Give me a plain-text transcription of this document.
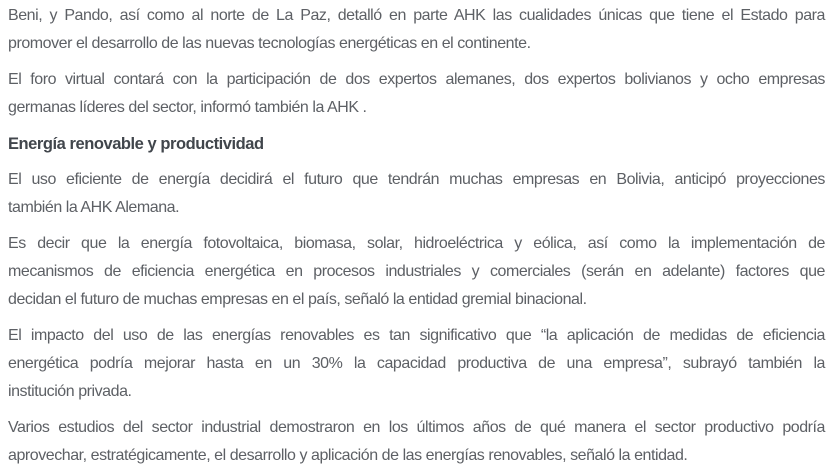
Beni, y Pando, así como al norte de La Paz, detalló en parte AHK las cualidades únicas que tiene el Estado para
promover el desarrollo de las nuevas tecnologías energéticas en el continente.

El foro virtual contará con la participación de dos expertos alemanes, dos expertos bolivianos y ocho empresas
germanas líderes del sector, informó también la AHK .

Energía renovable y productividad

El uso eficiente de energía decidirá el futuro que tendrán muchas empresas en Bolivia, anticipó proyecciones
también la AHK Alemana.

Es decir que la energía fotovoltaica, biomasa, solar, hidroeléctrica y eólica, así como la implementación de
mecanismos de eficiencia energética en procesos industriales y comerciales (serán en adelante) factores que
decidan el futuro de muchas empresas en el país, señaló la entidad gremial binacional.

El impacto del uso de las energías renovables es tan significativo que “la aplicación de medidas de eficiencia
energética podría mejorar hasta en un 30% la capacidad productiva de una empresa”, subrayó también la
institución privada.

Varios estudios del sector industrial demostraron en los últimos años de qué manera el sector productivo podría
aprovechar, estratégicamente, el desarrollo y aplicación de las energías renovables, señaló la entidad.
